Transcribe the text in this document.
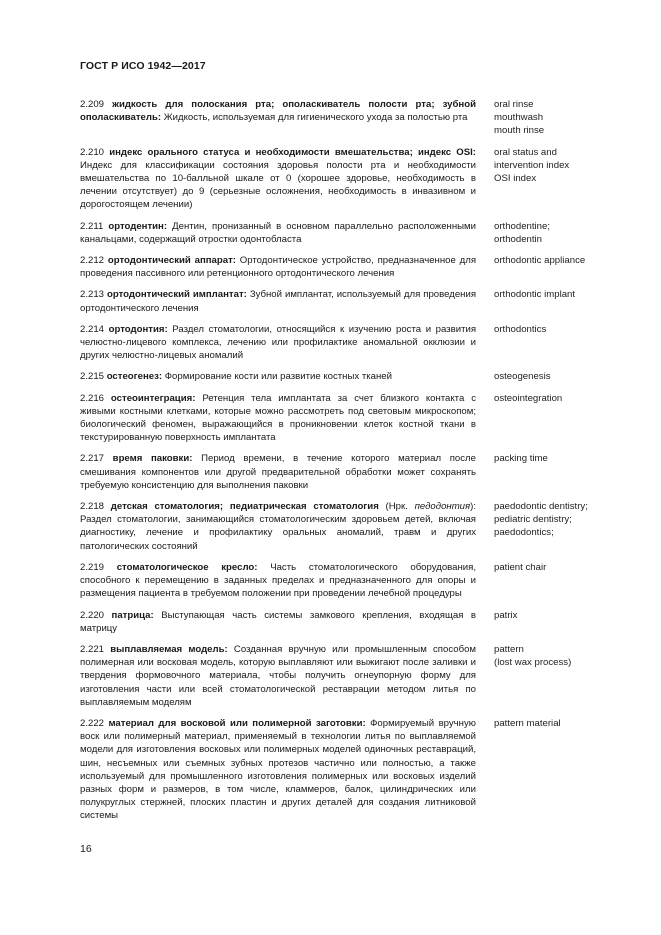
ГОСТ Р ИСО 1942—2017
2.209 жидкость для полоскания рта; ополаскиватель полости рта; зубной ополаскиватель: Жидкость, используемая для гигиенического ухода за полостью рта
oral rinse
mouthwash
mouth rinse
2.210 индекс орального статуса и необходимости вмешательства; индекс OSI: Индекс для классификации состояния здоровья полости рта и необходимости вмешательства по 10-балльной шкале от 0 (хорошее здоровье, необходимость в лечении отсутствует) до 9 (серьезные осложнения, необходимость в инвазивном и дорогостоящем лечении)
oral status and
intervention index
OSI index
2.211 ортодентин: Дентин, пронизанный в основном параллельно расположенными канальцами, содержащий отростки одонтобласта
orthodentine;
orthodentin
2.212 ортодонтический аппарат: Ортодонтическое устройство, предназначенное для проведения пассивного или ретенционного ортодонтического лечения
orthodontic appliance
2.213 ортодонтический имплантат: Зубной имплантат, используемый для проведения ортодонтического лечения
orthodontic implant
2.214 ортодонтия: Раздел стоматологии, относящийся к изучению роста и развития челюстно-лицевого комплекса, лечению или профилактике аномальной окклюзии и других челюстно-лицевых аномалий
orthodontics
2.215 остеогенез: Формирование кости или развитие костных тканей	osteogenesis
2.216 остеоинтеграция: Ретенция тела имплантата за счет близкого контакта с живыми костными клетками, которые можно рассмотреть под световым микроскопом; биологический феномен, выражающийся в проникновении клеток костной ткани в текстурированную поверхность имплантата
osteointegration
2.217 время паковки: Период времени, в течение которого материал после смешивания компонентов или другой предварительной обработки может сохранять требуемую консистенцию для выполнения паковки
packing time
2.218 детская стоматология; педиатрическая стоматология (Нрк. педодонтия): Раздел стоматологии, занимающийся стоматологическим здоровьем детей, включая диагностику, лечение и профилактику оральных аномалий, травм и других патологических состояний
paedodontic dentistry;
pediatric dentistry;
paedodontics;
2.219 стоматологическое кресло: Часть стоматологического оборудования, способного к перемещению в заданных пределах и предназначенного для опоры и размещения пациента в требуемом положении при проведении лечебной процедуры
patient chair
2.220 патрица: Выступающая часть системы замкового крепления, входящая в матрицу
patrix
2.221 выплавляемая модель: Созданная вручную или промышленным способом полимерная или восковая модель, которую выплавляют или выжигают после заливки и твердения формовочного материала, чтобы получить огнеупорную форму для изготовления части или всей стоматологической реставрации методом литья по выплавляемым моделям
pattern
(lost wax process)
2.222 материал для восковой или полимерной заготовки: Формируемый вручную воск или полимерный материал, применяемый в технологии литья по выплавляемой модели для изготовления восковых или полимерных моделей одиночных реставраций, шин, несъемных или съемных зубных протезов частично или полностью, а также используемый для промышленного изготовления полимерных или восковых изделий разных форм и размеров, в том числе, кламмеров, балок, цилиндрических или полукруглых стержней, плоских пластин и других деталей для создания литниковой системы
pattern material
16
